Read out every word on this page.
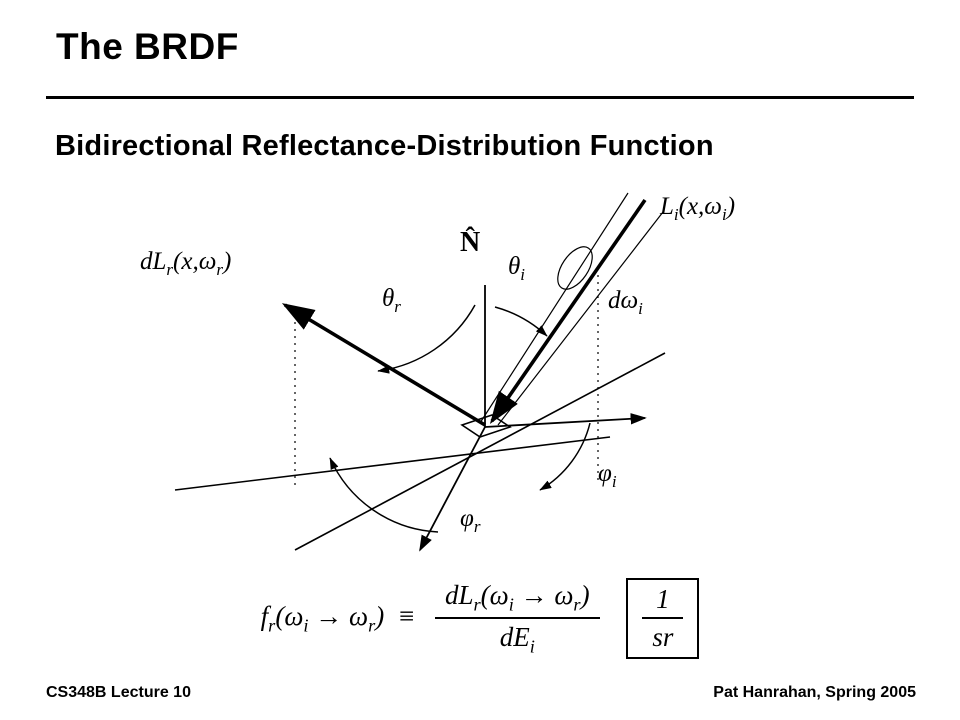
The BRDF
Bidirectional Reflectance-Distribution Function
$L_i(x,\omega_i)$
$dL_r(x,\omega_r)$
N̂
$\theta_i$
$\theta_r$	$d\omega_i$
$\varphi_i$
$\varphi_r$
$f_r(\omega_i \to \omega_r) \equiv \frac{dL_r(\omega_i \to \omega_r)}{dE_i}$
$\frac{1}{sr}$
CS348B Lecture 10	Pat Hanrahan, Spring 2005
